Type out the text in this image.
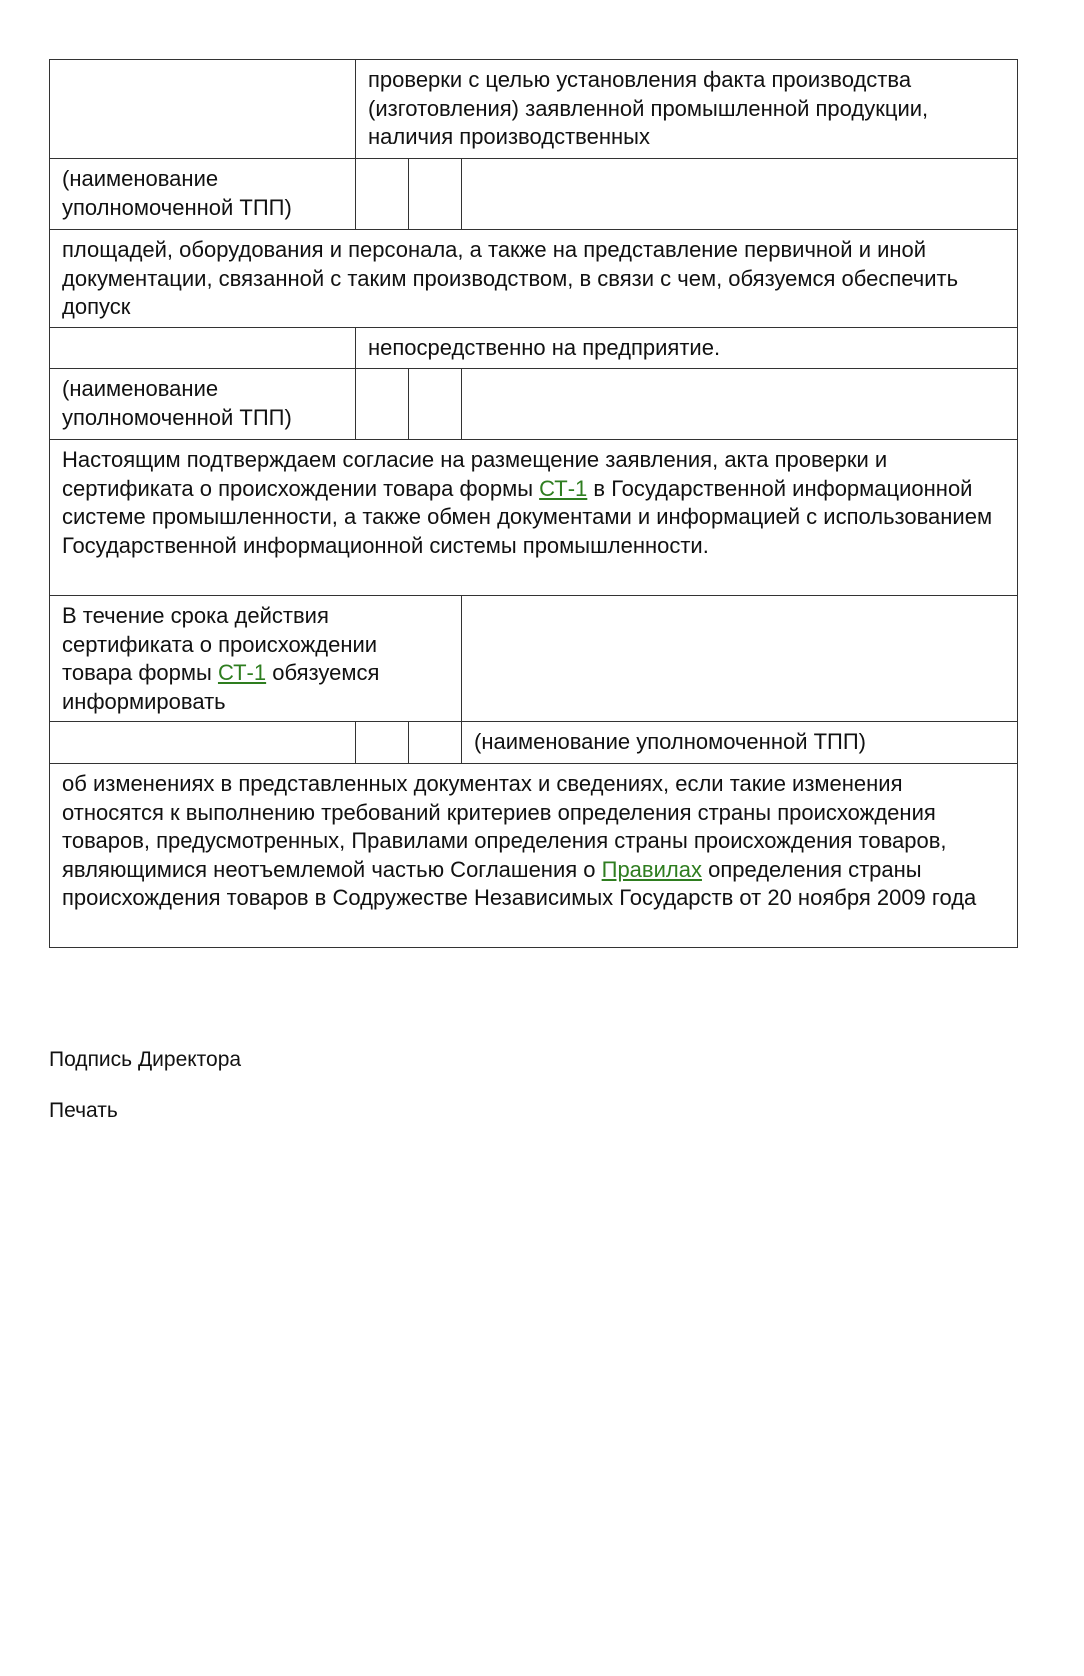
	проверки с целью установления факта производства (изготовления) заявленной промышленной продукции, наличия производственных		
(наименование уполномоченной ТПП)			
площадей, оборудования и персонала, а также на представление первичной и иной документации, связанной с таким производством, в связи с чем, обязуемся обеспечить допуск			
	непосредственно на предприятие.		
(наименование уполномоченной ТПП)			
Настоящим подтверждаем согласие на размещение заявления, акта проверки и сертификата о происхождении товара формы СТ-1 в Государственной информационной системе промышленности, а также обмен документами и информацией с использованием Государственной информационной системы промышленности.			
В течение срока действия сертификата о происхождении товара формы СТ-1 обязуемся информировать			
			(наименование уполномоченной ТПП)
об изменениях в представленных документах и сведениях, если такие изменения относятся к выполнению требований критериев определения страны происхождения товаров, предусмотренных, Правилами определения страны происхождения товаров, являющимися неотъемлемой частью Соглашения о Правилах определения страны происхождения товаров в Содружестве Независимых Государств от 20 ноября 2009 года			
Подпись Директора
Печать
